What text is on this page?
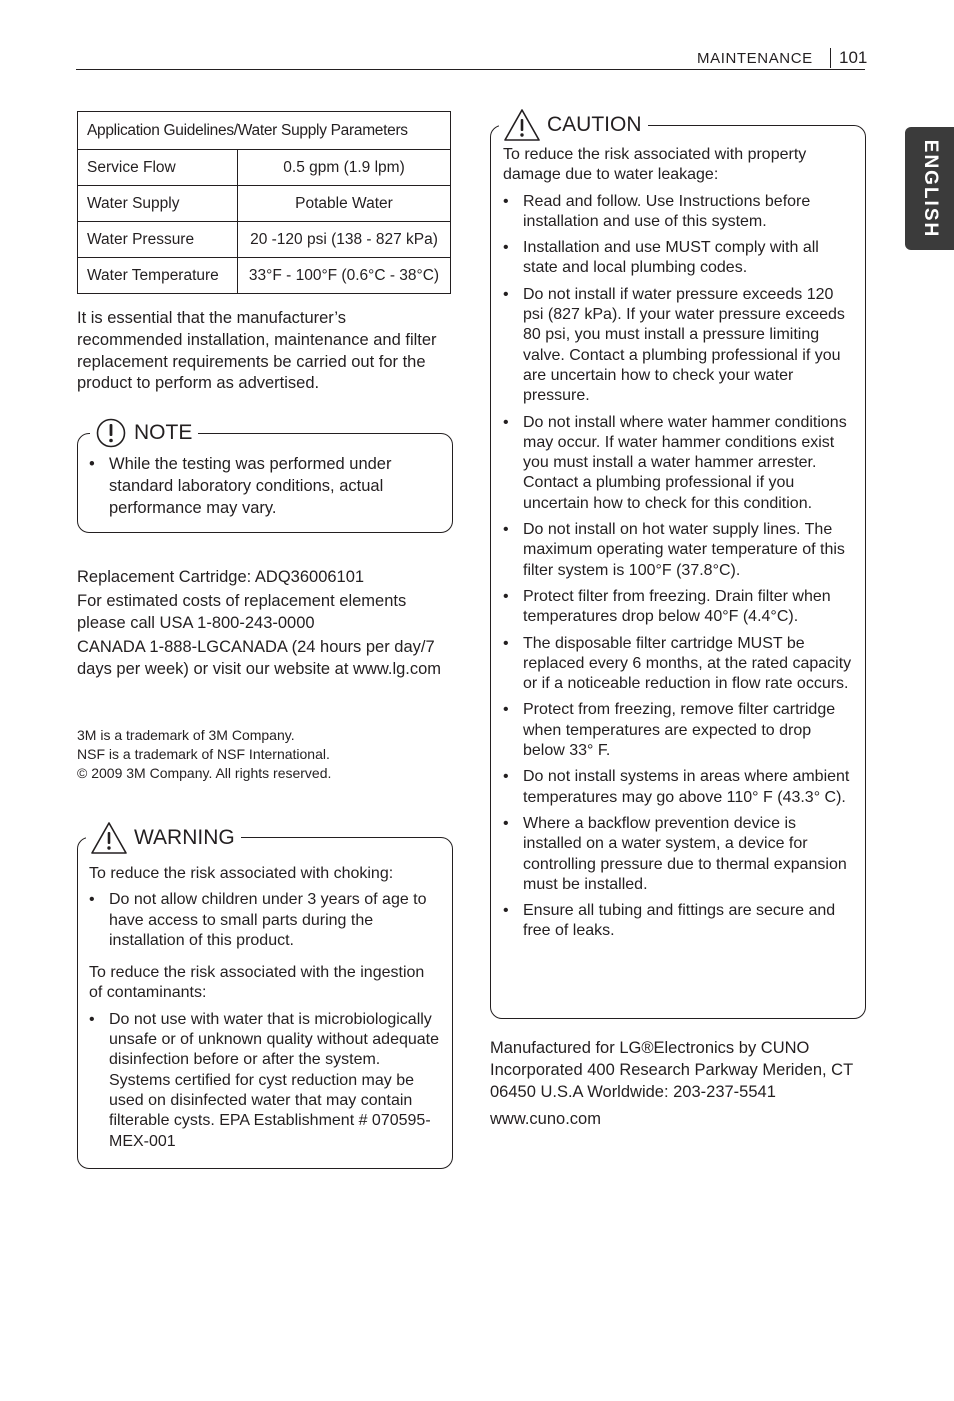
MAINTENANCE 101
ENGLISH
Application Guidelines/Water Supply Parameters	
Service Flow	0.5 gpm (1.9 lpm)
Water Supply	Potable Water
Water Pressure	20 -120 psi (138 - 827 kPa)
Water Temperature	33°F - 100°F (0.6°C - 38°C)
It is essential that the manufacturer’s recommended installation, maintenance and filter replacement requirements be carried out for the product to perform as advertised.
• While the testing was performed under standard laboratory conditions, actual performance may vary.
NOTE
Replacement Cartridge: ADQ36006101
For estimated costs of replacement elements please call USA 1-800-243-0000
CANADA 1-888-LGCANADA (24 hours per day/7 days per week) or visit our website at www.lg.com
3M is a trademark of 3M Company.
NSF is a trademark of NSF International.
© 2009 3M Company. All rights reserved.

To reduce the risk associated with choking:

• Do not allow children under 3 years of age to have access to small parts during the installation of this product.

To reduce the risk associated with the ingestion of contaminants:

• Do not use with water that is microbiologically unsafe or of unknown quality without adequate disinfection before or after the system. Systems certified for cyst reduction may be used on disinfected water that may contain filterable cysts. EPA Establishment # 070595-MEX-001
WARNING

To reduce the risk associated with property damage due to water leakage:

• Read and follow. Use Instructions before installation and use of this system.
• Installation and use MUST comply with all state and local plumbing codes.
• Do not install if water pressure exceeds 120 psi (827 kPa). If your water pressure exceeds 80 psi, you must install a pressure limiting valve. Contact a plumbing professional if you are uncertain how to check your water pressure.
• Do not install where water hammer conditions may occur. If water hammer conditions exist you must install a water hammer arrester. Contact a plumbing professional if you uncertain how to check for this condition.
• Do not install on hot water supply lines. The maximum operating water temperature of this filter system is 100°F (37.8°C).
• Protect filter from freezing. Drain filter when temperatures drop below 40°F (4.4°C).
• The disposable filter cartridge MUST be replaced every 6 months, at the rated capacity or if a noticeable reduction in flow rate occurs.
• Protect from freezing, remove filter cartridge when temperatures are expected to drop below 33° F.
• Do not install systems in areas where ambient temperatures may go above 110° F (43.3° C).
• Where a backflow prevention device is installed on a water system, a device for controlling pressure due to thermal expansion must be installed.
• Ensure all tubing and fittings are secure and free of leaks.
CAUTION
Manufactured for LG®Electronics by CUNO Incorporated 400 Research Parkway Meriden, CT 06450 U.S.A Worldwide: 203-237-5541
www.cuno.com
